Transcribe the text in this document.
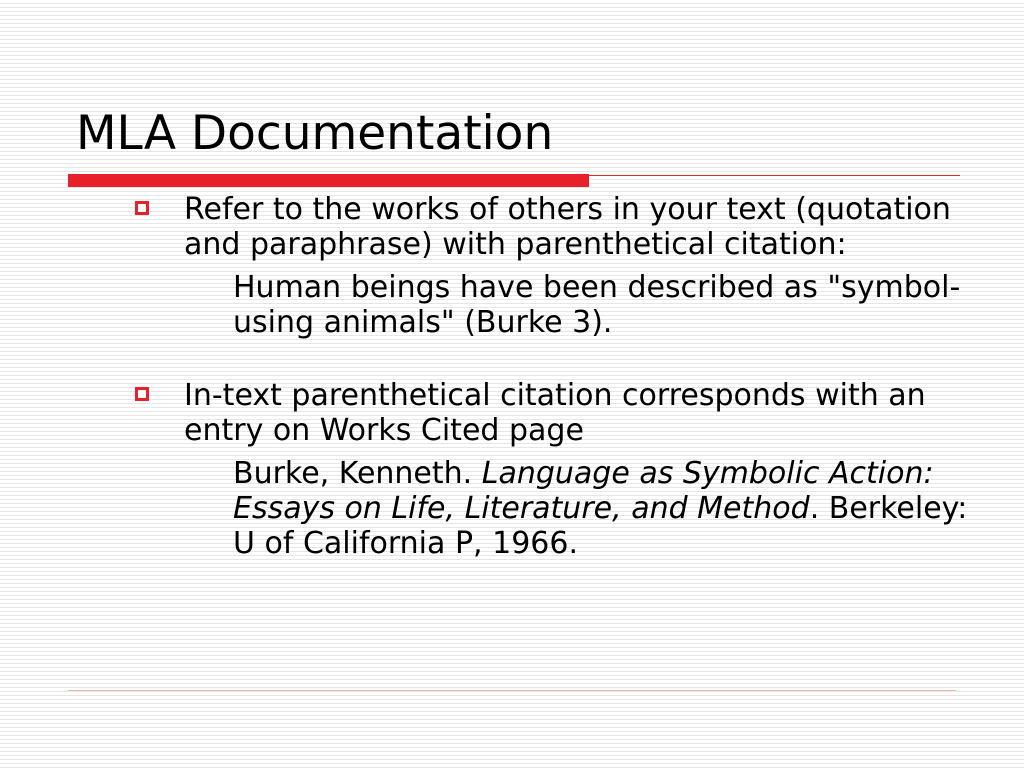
MLA Documentation
Refer to the works of others in your text (quotation and paraphrase) with parenthetical citation:
Human beings have been described as "symbol-using animals" (Burke 3).
In-text parenthetical citation corresponds with an entry on Works Cited page
Burke, Kenneth. Language as Symbolic Action: Essays on Life, Literature, and Method. Berkeley: U of California P, 1966.
